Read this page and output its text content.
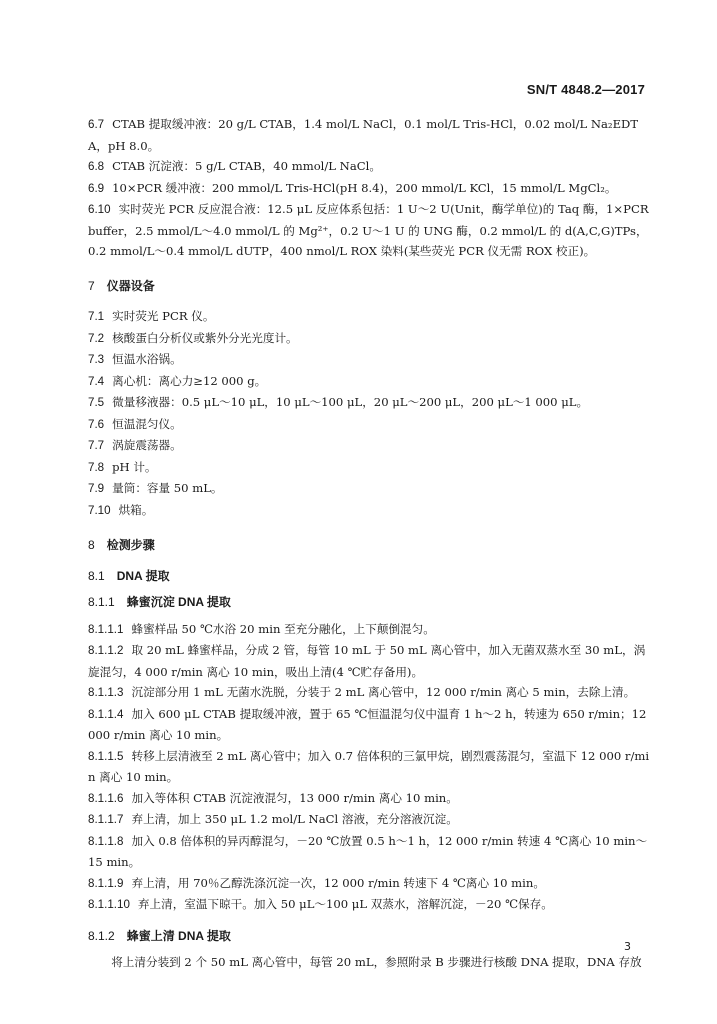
SN/T 4848.2—2017

6.7 CTAB 提取缓冲液：20 g/L CTAB，1.4 mol/L NaCl，0.1 mol/L Tris-HCl，0.02 mol/L Na₂EDTA，pH 8.0。

6.8 CTAB 沉淀液：5 g/L CTAB，40 mmol/L NaCl。

6.9 10×PCR 缓冲液：200 mmol/L Tris-HCl(pH 8.4)，200 mmol/L KCl，15 mmol/L MgCl₂。

6.10 实时荧光 PCR 反应混合液：12.5 μL 反应体系包括：1 U～2 U(Unit，酶学单位)的 Taq 酶，1×PCR buffer，2.5 mmol/L～4.0 mmol/L 的 Mg²⁺，0.2 U～1 U 的 UNG 酶，0.2 mmol/L 的 d(A,C,G)TPs，0.2 mmol/L～0.4 mmol/L dUTP，400 nmol/L ROX 染料(某些荧光 PCR 仪无需 ROX 校正)。

7 仪器设备

7.1 实时荧光 PCR 仪。

7.2 核酸蛋白分析仪或紫外分光光度计。

7.3 恒温水浴锅。

7.4 离心机：离心力≥12 000 g。

7.5 微量移液器：0.5 μL～10 μL，10 μL～100 μL，20 μL～200 μL，200 μL～1 000 μL。

7.6 恒温混匀仪。

7.7 涡旋震荡器。

7.8 pH 计。

7.9 量筒：容量 50 mL。

7.10 烘箱。

8 检测步骤

8.1 DNA 提取

8.1.1 蜂蜜沉淀 DNA 提取

8.1.1.1 蜂蜜样品 50 ℃水浴 20 min 至充分融化，上下颠倒混匀。

8.1.1.2 取 20 mL 蜂蜜样品，分成 2 管，每管 10 mL 于 50 mL 离心管中，加入无菌双蒸水至 30 mL，涡旋混匀，4 000 r/min 离心 10 min，吸出上清(4 ℃贮存备用)。

8.1.1.3 沉淀部分用 1 mL 无菌水洗脱，分装于 2 mL 离心管中，12 000 r/min 离心 5 min，去除上清。

8.1.1.4 加入 600 μL CTAB 提取缓冲液，置于 65 ℃恒温混匀仪中温育 1 h～2 h，转速为 650 r/min；12 000 r/min 离心 10 min。

8.1.1.5 转移上层清液至 2 mL 离心管中；加入 0.7 倍体积的三氯甲烷，剧烈震荡混匀，室温下 12 000 r/min 离心 10 min。

8.1.1.6 加入等体积 CTAB 沉淀液混匀，13 000 r/min 离心 10 min。

8.1.1.7 弃上清，加上 350 μL 1.2 mol/L NaCl 溶液，充分溶液沉淀。

8.1.1.8 加入 0.8 倍体积的异丙醇混匀，－20 ℃放置 0.5 h～1 h，12 000 r/min 转速 4 ℃离心 10 min～15 min。

8.1.1.9 弃上清，用 70％乙醇洗涤沉淀一次，12 000 r/min 转速下 4 ℃离心 10 min。

8.1.1.10 弃上清，室温下晾干。加入 50 μL～100 μL 双蒸水，溶解沉淀，－20 ℃保存。

8.1.2 蜂蜜上清 DNA 提取

将上清分装到 2 个 50 mL 离心管中，每管 20 mL，参照附录 B 步骤进行核酸 DNA 提取，DNA 存放

3
